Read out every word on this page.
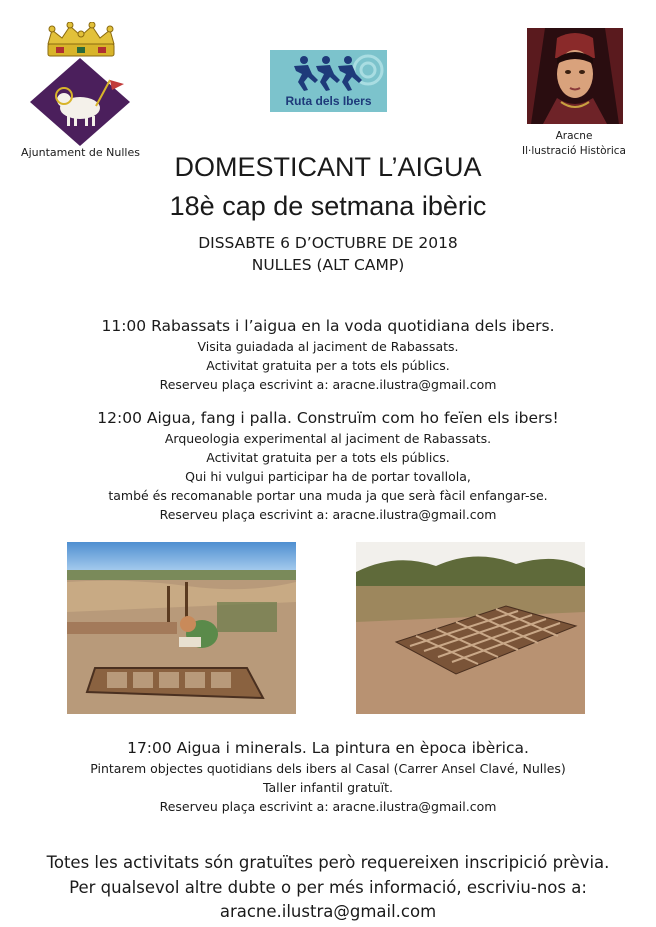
Ajuntament de Nulles
Ruta dels Ibers
Aracne
Il·lustració Històrica
DOMESTICANT L’AIGUA
18è cap de setmana ibèric
DISSABTE 6 D’OCTUBRE DE 2018
NULLES (ALT CAMP)
11:00 Rabassats i l’aigua en la voda quotidiana dels ibers.
Visita guiadada al jaciment de Rabassats.
Activitat gratuita per a tots els públics.
Reserveu plaça escrivint a: aracne.ilustra@gmail.com
12:00 Aigua, fang i palla. Construïm com ho feïen els ibers!
Arqueologia experimental al jaciment de Rabassats.
Activitat gratuita per a tots els públics.
Qui hi vulgui participar ha de portar tovallola,
també és recomanable portar una muda ja que serà fàcil enfangar-se.
Reserveu plaça escrivint a: aracne.ilustra@gmail.com
17:00 Aigua i minerals. La pintura en època ibèrica.
Pintarem objectes quotidians dels ibers al Casal (Carrer Ansel Clavé, Nulles)
Taller infantil gratuït.
Reserveu plaça escrivint a: aracne.ilustra@gmail.com
Totes les activitats són gratuïtes però requereixen inscripició prèvia.
Per qualsevol altre dubte o per més informació, escriviu-nos a:
aracne.ilustra@gmail.com
